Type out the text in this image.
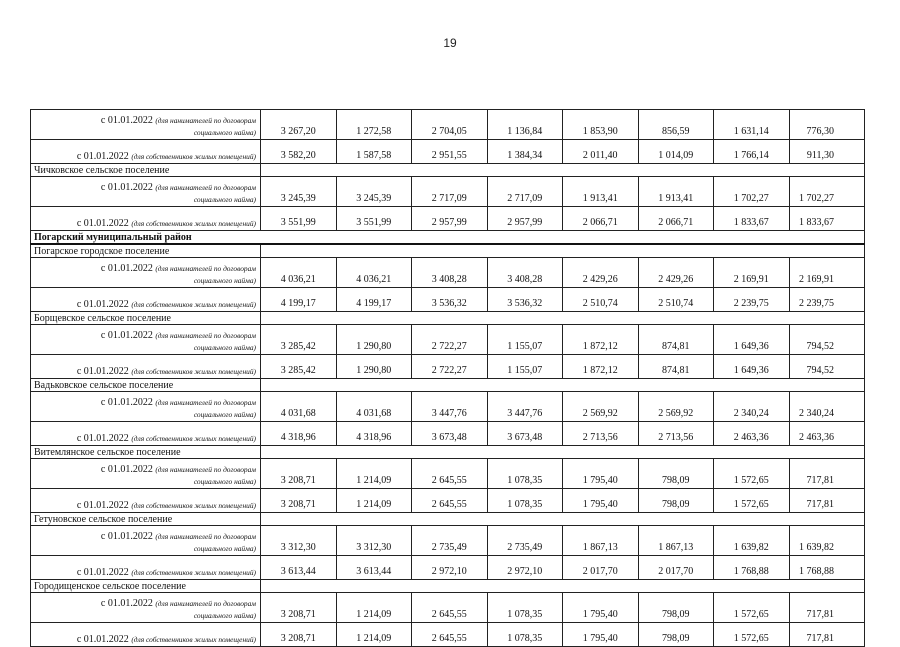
19
с 01.01.2022 (для нанимателей по договорам
социального найма)	3 267,20	1 272,58	2 704,05	1 136,84	1 853,90	856,59	1 631,14	776,30
с 01.01.2022 (для собственников жилых помещений)	3 582,20	1 587,58	2 951,55	1 384,34	2 011,40	1 014,09	1 766,14	911,30
Чичковское сельское поселение								

с 01.01.2022 (для нанимателей по договорам
социального найма)	3 245,39	3 245,39	2 717,09	2 717,09	1 913,41	1 913,41	1 702,27	1 702,27
с 01.01.2022 (для собственников жилых помещений)	3 551,99	3 551,99	2 957,99	2 957,99	2 066,71	2 066,71	1 833,67	1 833,67
Погарский муниципальный район								
Погарское городское поселение								

с 01.01.2022 (для нанимателей по договорам
социального найма)	4 036,21	4 036,21	3 408,28	3 408,28	2 429,26	2 429,26	2 169,91	2 169,91
с 01.01.2022 (для собственников жилых помещений)	4 199,17	4 199,17	3 536,32	3 536,32	2 510,74	2 510,74	2 239,75	2 239,75
Борщевское сельское поселение								

с 01.01.2022 (для нанимателей по договорам
социального найма)	3 285,42	1 290,80	2 722,27	1 155,07	1 872,12	874,81	1 649,36	794,52
с 01.01.2022 (для собственников жилых помещений)	3 285,42	1 290,80	2 722,27	1 155,07	1 872,12	874,81	1 649,36	794,52
Вадьковское сельское поселение								

с 01.01.2022 (для нанимателей по договорам
социального найма)	4 031,68	4 031,68	3 447,76	3 447,76	2 569,92	2 569,92	2 340,24	2 340,24
с 01.01.2022 (для собственников жилых помещений)	4 318,96	4 318,96	3 673,48	3 673,48	2 713,56	2 713,56	2 463,36	2 463,36
Витемлянское сельское поселение								

с 01.01.2022 (для нанимателей по договорам
социального найма)	3 208,71	1 214,09	2 645,55	1 078,35	1 795,40	798,09	1 572,65	717,81
с 01.01.2022 (для собственников жилых помещений)	3 208,71	1 214,09	2 645,55	1 078,35	1 795,40	798,09	1 572,65	717,81
Гетуновское сельское поселение								

с 01.01.2022 (для нанимателей по договорам
социального найма)	3 312,30	3 312,30	2 735,49	2 735,49	1 867,13	1 867,13	1 639,82	1 639,82
с 01.01.2022 (для собственников жилых помещений)	3 613,44	3 613,44	2 972,10	2 972,10	2 017,70	2 017,70	1 768,88	1 768,88
Городищенское сельское поселение								

с 01.01.2022 (для нанимателей по договорам
социального найма)	3 208,71	1 214,09	2 645,55	1 078,35	1 795,40	798,09	1 572,65	717,81
с 01.01.2022 (для собственников жилых помещений)	3 208,71	1 214,09	2 645,55	1 078,35	1 795,40	798,09	1 572,65	717,81
